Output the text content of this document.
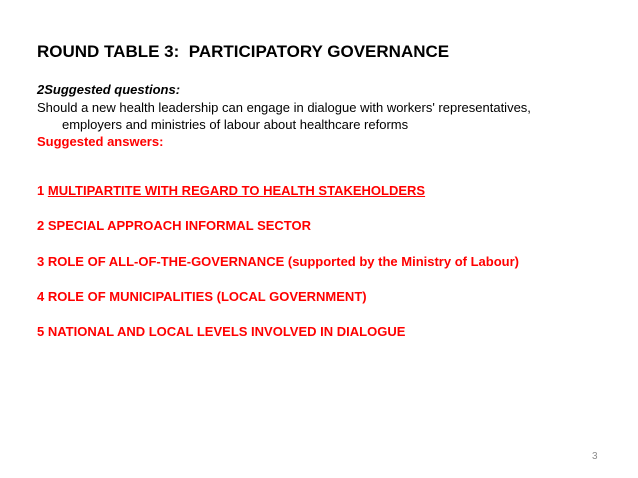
ROUND TABLE 3:  PARTICIPATORY GOVERNANCE
2Suggested questions:
Should a new health leadership can engage in dialogue with workers' representatives,
employers and ministries of labour about healthcare reforms
Suggested answers:
1 MULTIPARTITE WITH REGARD TO HEALTH STAKEHOLDERS
2 SPECIAL APPROACH INFORMAL SECTOR
3 ROLE OF ALL-OF-THE-GOVERNANCE (supported by the Ministry of Labour)
4 ROLE OF MUNICIPALITIES (LOCAL GOVERNMENT)
5 NATIONAL AND LOCAL LEVELS INVOLVED IN DIALOGUE
3
